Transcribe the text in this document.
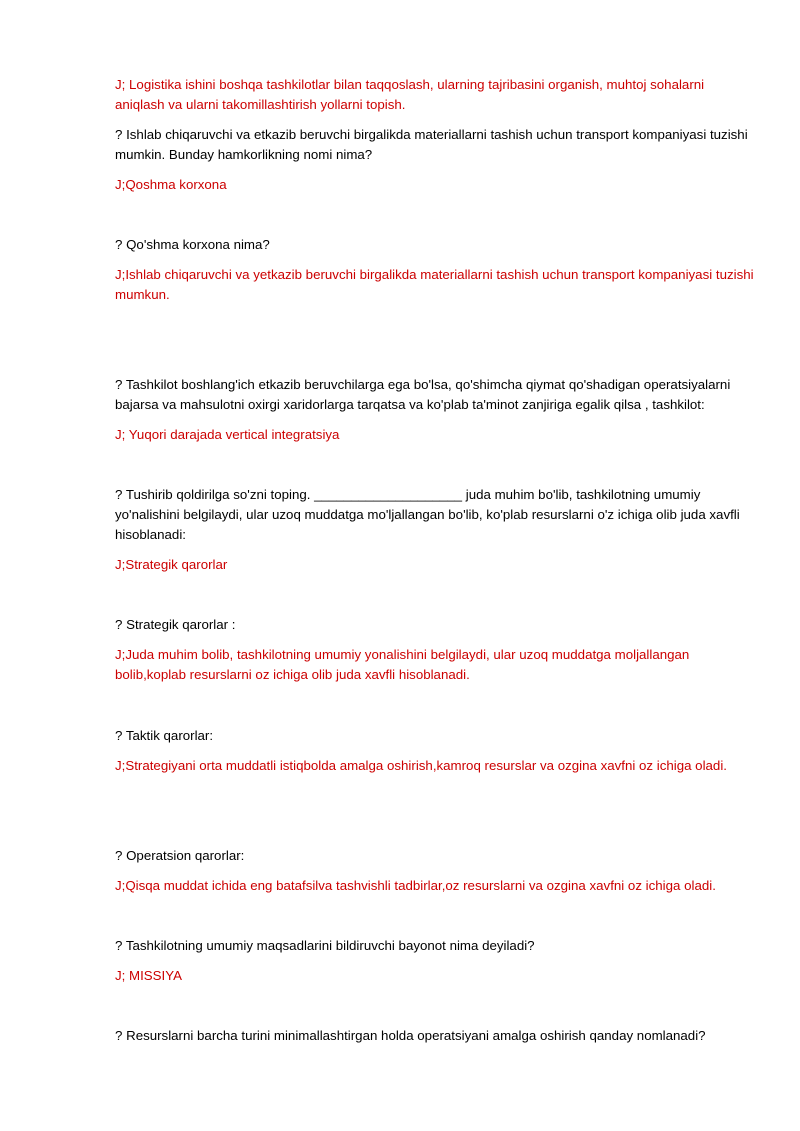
J; Logistika ishini boshqa tashkilotlar bilan taqqoslash, ularning tajribasini organish, muhtoj sohalarni aniqlash va ularni takomillashtirish yollarni topish.

? Ishlab chiqaruvchi va etkazib beruvchi birgalikda materiallarni tashish uchun transport kompaniyasi tuzishi mumkin. Bunday hamkorlikning nomi nima?

J;Qoshma korxona

? Qo'shma korxona nima?

J;Ishlab chiqaruvchi va yetkazib beruvchi birgalikda materiallarni tashish uchun transport kompaniyasi tuzishi mumkun.

? Tashkilot boshlang'ich etkazib beruvchilarga ega bo'lsa, qo'shimcha qiymat qo'shadigan operatsiyalarni bajarsa va mahsulotni oxirgi xaridorlarga tarqatsa va ko'plab ta'minot zanjiriga egalik qilsa , tashkilot:

J; Yuqori darajada vertical integratsiya

? Tushirib qoldirilga so'zni toping. ____________________ juda muhim bo'lib, tashkilotning umumiy yo'nalishini belgilaydi, ular uzoq muddatga mo'ljallangan bo'lib, ko'plab resurslarni o'z ichiga olib juda xavfli hisoblanadi:

J;Strategik qarorlar

? Strategik qarorlar :

J;Juda muhim bolib, tashkilotning umumiy yonalishini belgilaydi, ular uzoq muddatga moljallangan bolib,koplab resurslarni oz ichiga olib juda xavfli hisoblanadi.

? Taktik qarorlar:

J;Strategiyani orta muddatli istiqbolda amalga oshirish,kamroq resurslar va ozgina xavfni oz ichiga oladi.

? Operatsion qarorlar:

J;Qisqa muddat ichida eng batafsilva tashvishli tadbirlar,oz resurslarni va ozgina xavfni oz ichiga oladi.

? Tashkilotning umumiy maqsadlarini bildiruvchi bayonot nima deyiladi?

J; MISSIYA

? Resurslarni barcha turini minimallashtirgan holda operatsiyani amalga oshirish qanday nomlanadi?
